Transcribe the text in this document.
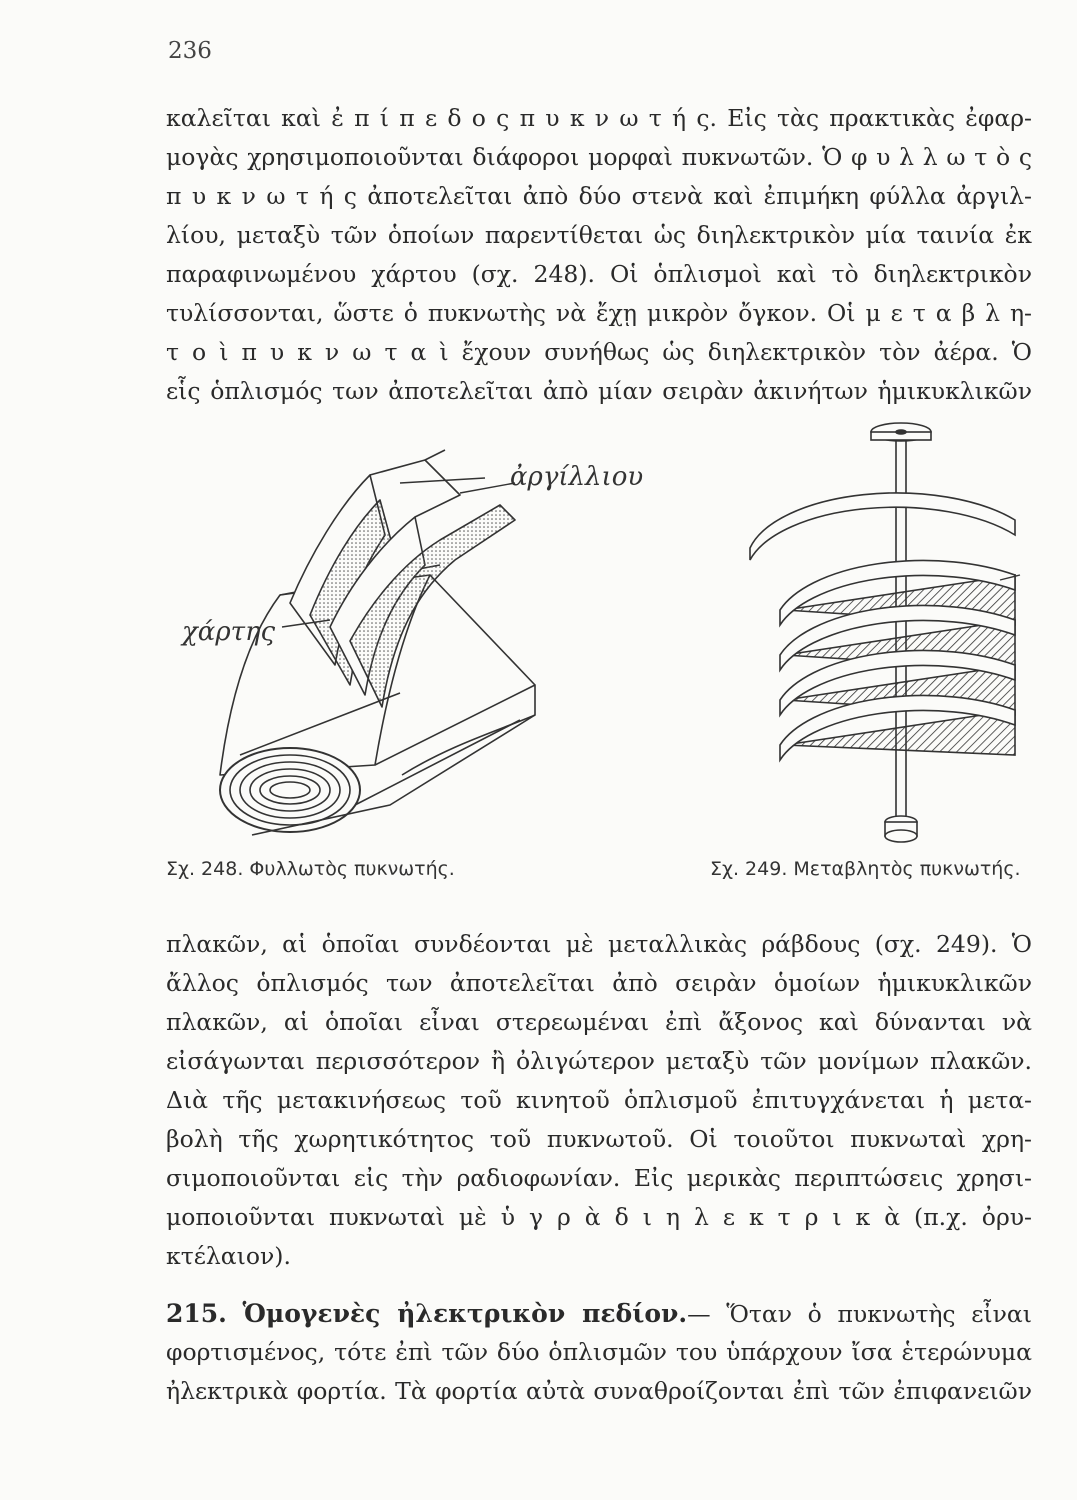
236
καλεῖται καὶ ἐ π ί π ε δ ο ς π υ κ ν ω τ ή ς. Εἰς τὰς πρακτικὰς ἐφαρ-
μογὰς χρησιμοποιοῦνται διάφοροι μορφαὶ πυκνωτῶν. Ὁ φ υ λ λ ω τ ὸ ς
π υ κ ν ω τ ή ς ἀποτελεῖται ἀπὸ δύο στενὰ καὶ ἐπιμήκη φύλλα ἀργιλ-
λίου, μεταξὺ τῶν ὁποίων παρεντίθεται ὡς διηλεκτρικὸν μία ταινία ἐκ
παραφινωμένου χάρτου (σχ. 248). Οἱ ὁπλισμοὶ καὶ τὸ διηλεκτρικὸν
τυλίσσονται, ὥστε ὁ πυκνωτὴς νὰ ἔχῃ μικρὸν ὄγκον. Οἱ μ ε τ α β λ η-
τ ο ὶ π υ κ ν ω τ α ὶ ἔχουν συνήθως ὡς διηλεκτρικὸν τὸν ἀέρα. Ὁ
εἷς ὁπλισμός των ἀποτελεῖται ἀπὸ μίαν σειρὰν ἀκινήτων ἡμικυκλικῶν
ἀργίλλιου
χάρτης
Σχ. 248. Φυλλωτὸς πυκνωτής.	Σχ. 249. Μεταβλητὸς πυκνωτής.
πλακῶν, αἱ ὁποῖαι συνδέονται μὲ μεταλλικὰς ράβδους (σχ. 249). Ὁ
ἄλλος ὁπλισμός των ἀποτελεῖται ἀπὸ σειρὰν ὁμοίων ἡμικυκλικῶν
πλακῶν, αἱ ὁποῖαι εἶναι στερεωμέναι ἐπὶ ἄξονος καὶ δύνανται νὰ
εἰσάγωνται περισσότερον ἢ ὀλιγώτερον μεταξὺ τῶν μονίμων πλακῶν.
Διὰ τῆς μετακινήσεως τοῦ κινητοῦ ὁπλισμοῦ ἐπιτυγχάνεται ἡ μετα-
βολὴ τῆς χωρητικότητος τοῦ πυκνωτοῦ. Οἱ τοιοῦτοι πυκνωταὶ χρη-
σιμοποιοῦνται εἰς τὴν ραδιοφωνίαν. Εἰς μερικὰς περιπτώσεις χρησι-
μοποιοῦνται πυκνωταὶ μὲ ὑ γ ρ ὰ δ ι η λ ε κ τ ρ ι κ ὰ (π.χ. ὀρυ-
κτέλαιον).
215. Ὁμογενὲς ἠλεκτρικὸν πεδίον.— Ὅταν ὁ πυκνωτὴς εἶναι
φορτισμένος, τότε ἐπὶ τῶν δύο ὁπλισμῶν του ὑπάρχουν ἴσα ἑτερώνυμα
ἠλεκτρικὰ φορτία. Τὰ φορτία αὐτὰ συναθροίζονται ἐπὶ τῶν ἐπιφανειῶν
